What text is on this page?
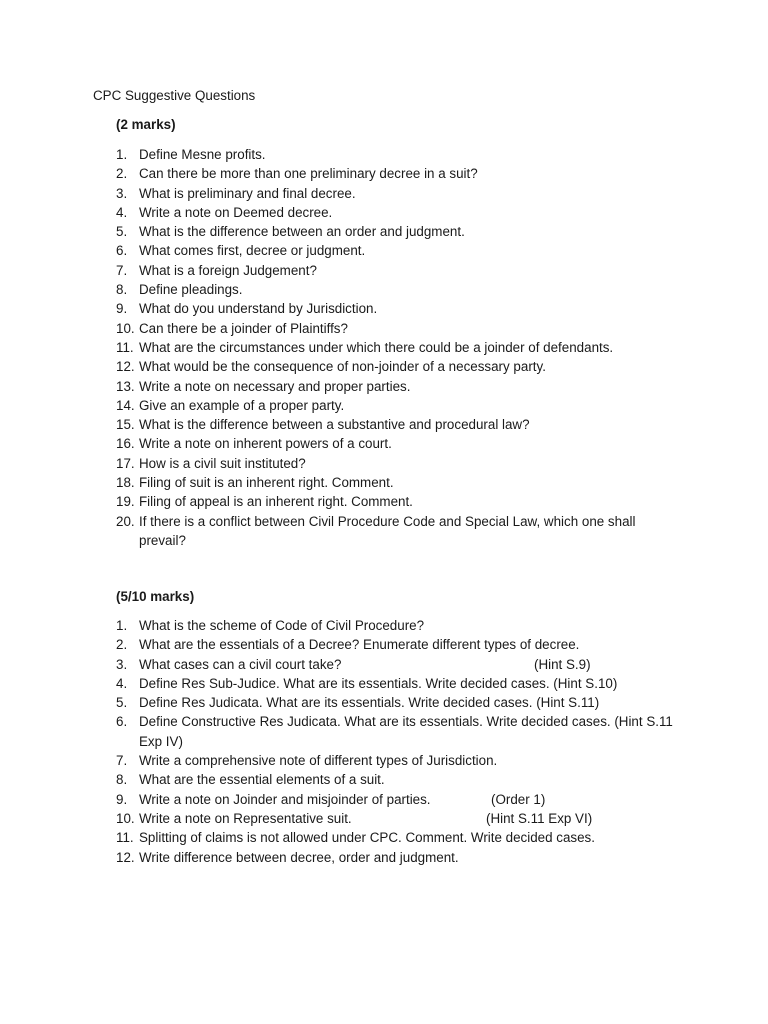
CPC Suggestive Questions
(2 marks)
1. Define Mesne profits.
2. Can there be more than one preliminary decree in a suit?
3. What is preliminary and final decree.
4. Write a note on Deemed decree.
5. What is the difference between an order and judgment.
6. What comes first, decree or judgment.
7. What is a foreign Judgement?
8. Define pleadings.
9. What do you understand by Jurisdiction.
10. Can there be a joinder of Plaintiffs?
11. What are the circumstances under which there could be a joinder of defendants.
12. What would be the consequence of non-joinder of a necessary party.
13. Write a note on necessary and proper parties.
14. Give an example of a proper party.
15. What is the difference between a substantive and procedural law?
16. Write a note on inherent powers of a court.
17. How is a civil suit instituted?
18. Filing of suit is an inherent right. Comment.
19. Filing of appeal is an inherent right. Comment.
20. If there is a conflict between Civil Procedure Code and Special Law, which one shall prevail?
(5/10 marks)
1. What is the scheme of Code of Civil Procedure?
2. What are the essentials of a Decree? Enumerate different types of decree.
3. What cases can a civil court take?	(Hint S.9)
4. Define Res Sub-Judice. What are its essentials. Write decided cases. (Hint S.10)
5. Define Res Judicata. What are its essentials. Write decided cases. (Hint S.11)
6. Define Constructive Res Judicata. What are its essentials. Write decided cases. (Hint S.11 Exp IV)
7. Write a comprehensive note of different types of Jurisdiction.
8. What are the essential elements of a suit.
9. Write a note on Joinder and misjoinder of parties.	(Order 1)
10. Write a note on Representative suit.	(Hint S.11 Exp VI)
11. Splitting of claims is not allowed under CPC. Comment. Write decided cases.
12. Write difference between decree, order and judgment.
